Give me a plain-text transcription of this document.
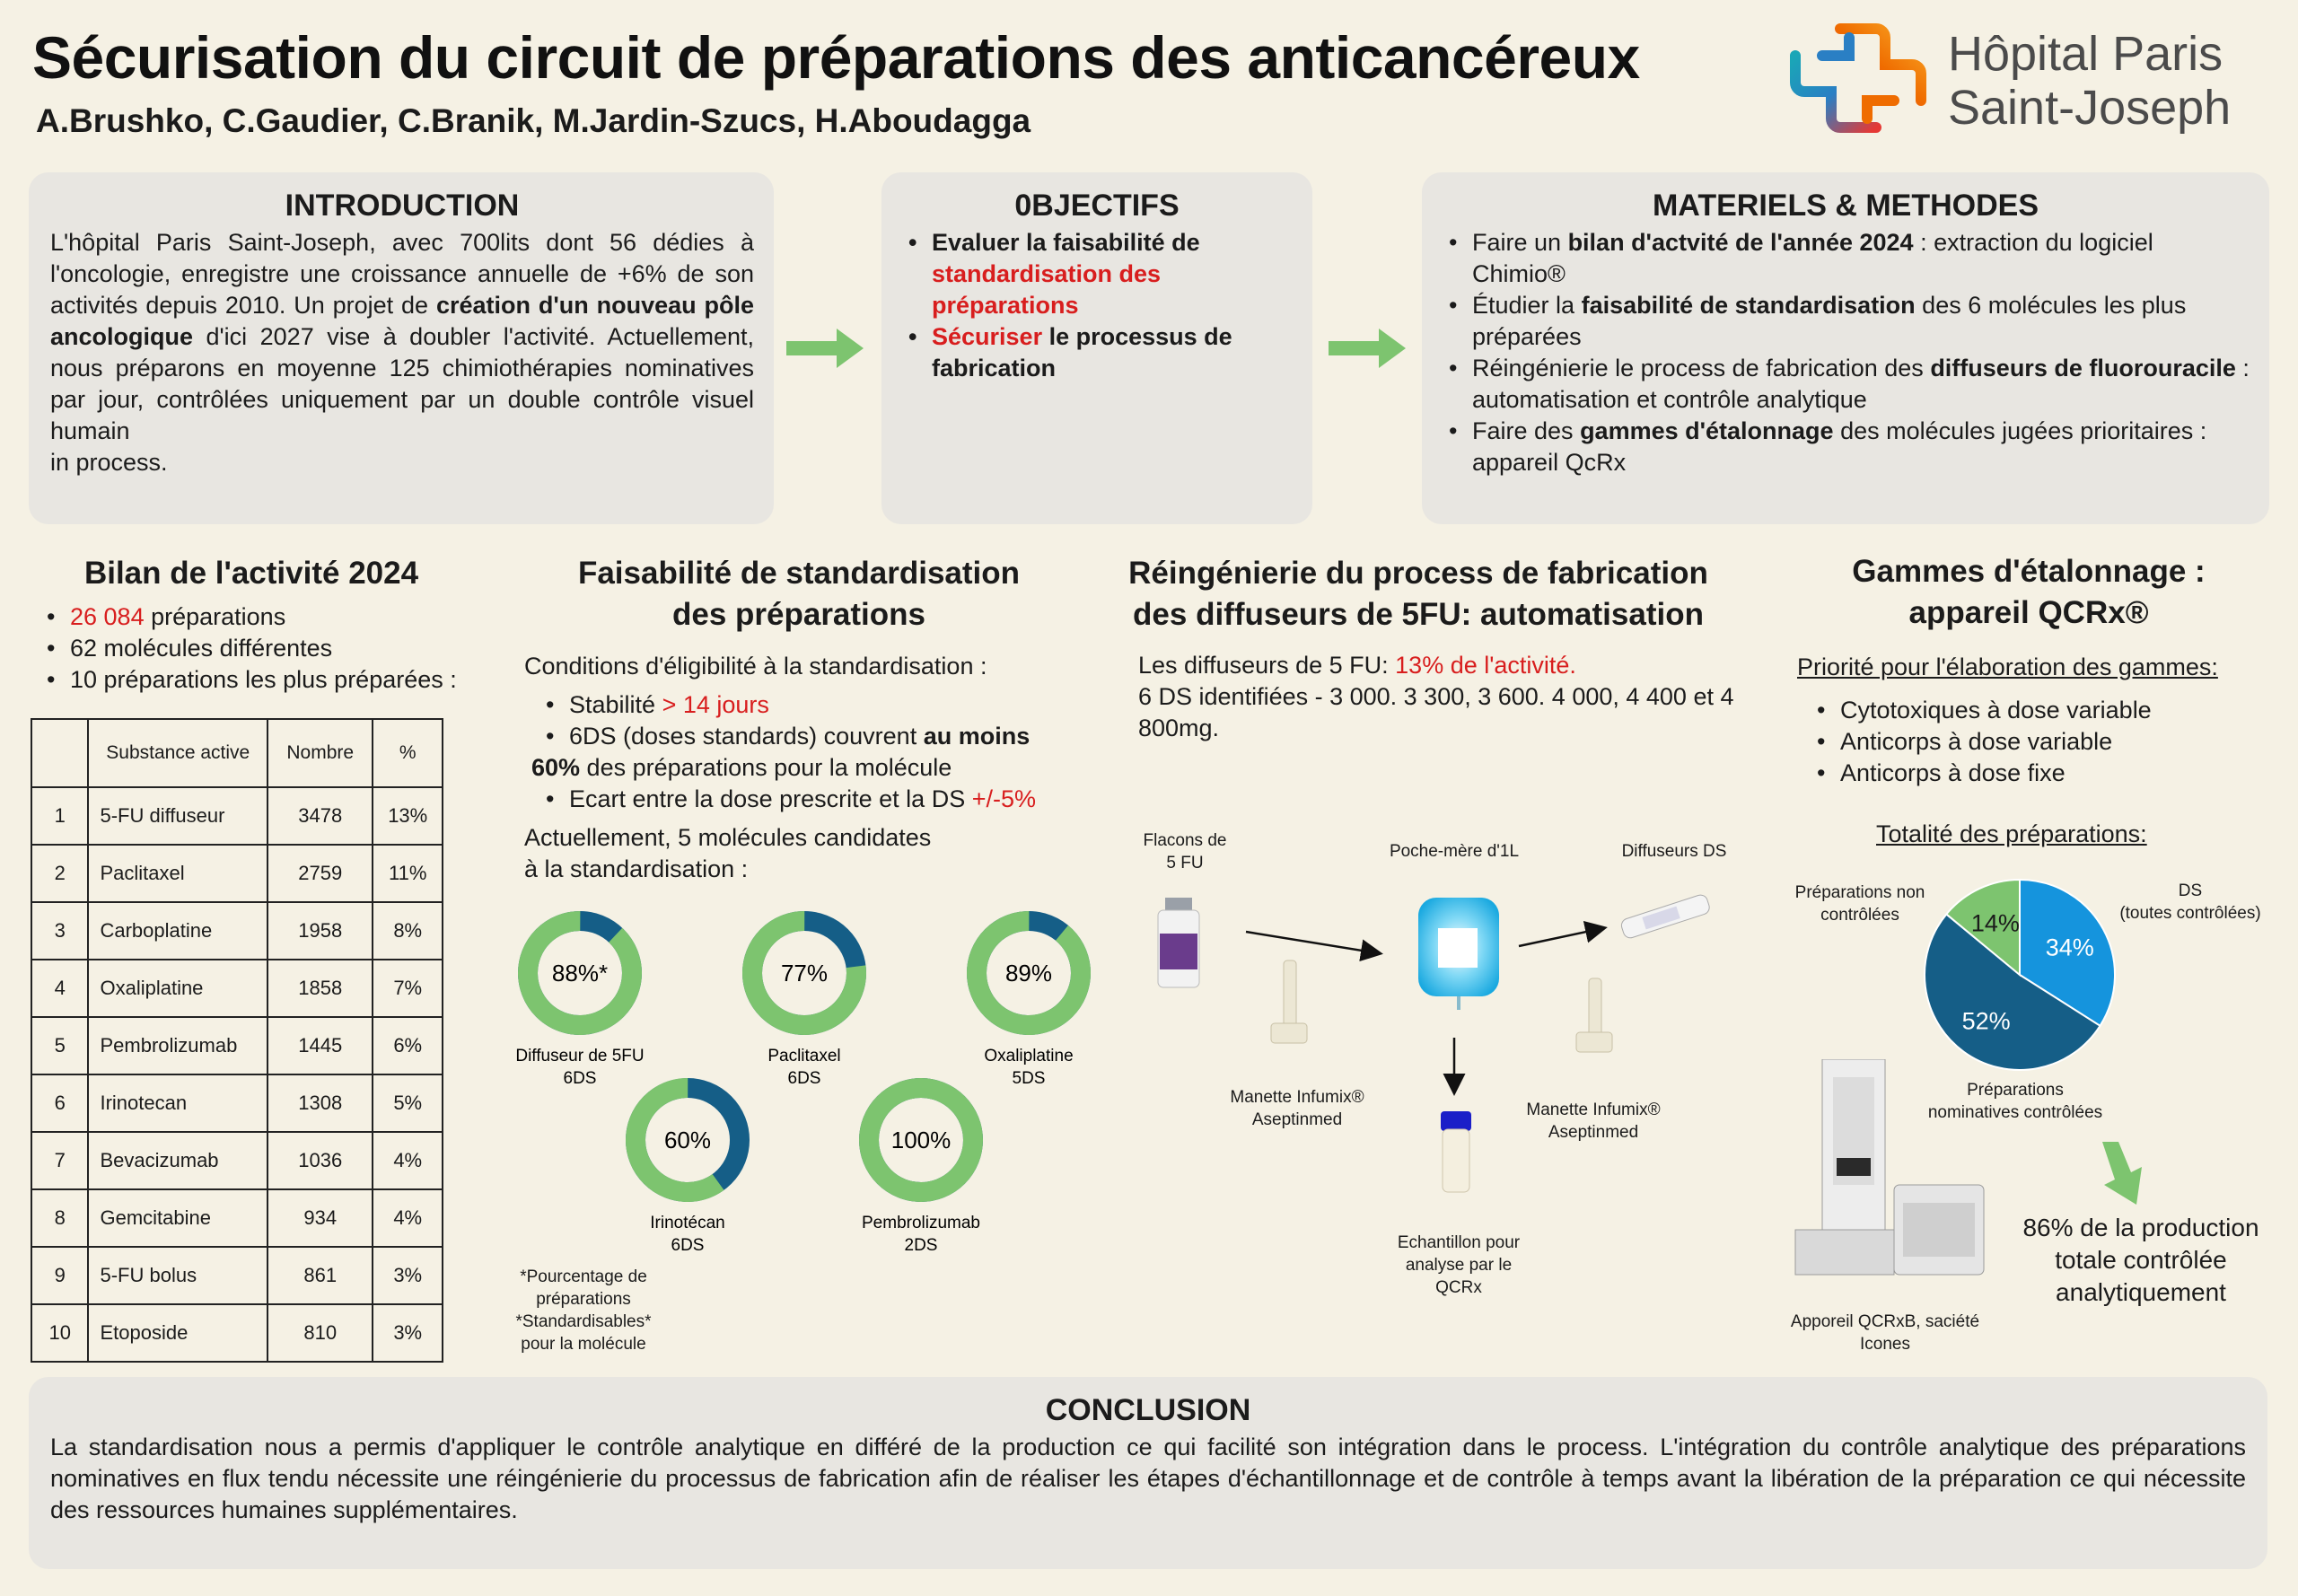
Sécurisation du circuit de préparations des anticancéreux
A.Brushko, C.Gaudier, C.Branik, M.Jardin-Szucs, H.Aboudagga
Hôpital Paris
Saint-Joseph
INTRODUCTION
L'hôpital Paris Saint-Joseph, avec 700lits dont 56 dédies à l'oncologie, enregistre une croissance annuelle de +6% de son activités depuis 2010. Un projet de création d'un nouveau pôle ancologique d'ici 2027 vise à doubler l'activité. Actuellement, nous préparons en moyenne 125 chimiothérapies nominatives par jour, contrôlées uniquement par un double contrôle visuel humain
in process.
0BJECTIFS
• Evaluer la faisabilité de standardisation des préparations
• Sécuriser le processus de fabrication
MATERIELS & METHODES
• Faire un bilan d'actvité de l'année 2024 : extraction du logiciel Chimio®
• Étudier la faisabilité de standardisation des 6 molécules les plus préparées
• Réingénierie le process de fabrication des diffuseurs de fluorouracile : automatisation et contrôle analytique
• Faire des gammes d'étalonnage des molécules jugées prioritaires : appareil QcRx
Bilan de l'activité 2024
• 26 084 préparations
• 62 molécules différentes
• 10 préparations les plus préparées :
	Substance active	Nombre	%
1	5-FU diffuseur	3478	13%
2	Paclitaxel	2759	11%
3	Carboplatine	1958	8%
4	Oxaliplatine	1858	7%
5	Pembrolizumab	1445	6%
6	Irinotecan	1308	5%
7	Bevacizumab	1036	4%
8	Gemcitabine	934	4%
9	5-FU bolus	861	3%
10	Etoposide	810	3%
Faisabilité de standardisation
des préparations
Conditions d'éligibilité à la standardisation :
• Stabilité > 14 jours
• 6DS (doses standards) couvrent au moins
60% des préparations pour la molécule
• Ecart entre la dose prescrite et la DS +/-5%
Actuellement, 5 molécules candidates
à la standardisation :
88%*
Diffuseur de 5FU
6DS
77%
Paclitaxel
6DS
89%
Oxaliplatine
5DS
60%
Irinotécan
6DS
100%
Pembrolizumab
2DS
*Pourcentage de préparations *Standardisables* pour la molécule
Réingénierie du process de fabrication
des diffuseurs de 5FU: automatisation
Les diffuseurs de 5 FU: 13% de l'activité.
6 DS identifiées - 3 000. 3 300, 3 600. 4 000, 4 400 et 4 800mg.
Flacons de 5 FU
Poche-mère d'1L	Diffuseurs DS
Manette Infumix® Aseptinmed
Manette Infumix® Aseptinmed
Echantillon pour analyse par le QCRx
Gammes d'étalonnage :
appareil QCRx®
Priorité pour l'élaboration des gammes:
• Cytotoxiques à dose variable
• Anticorps à dose variable
• Anticorps à dose fixe
Totalité des préparations:
34%
52%
14%
DS
(toutes contrôlées)
Préparations non
contrôlées
Préparations
nominatives contrôlées
86% de la production
totale contrôlée
analytiquement
Apporeil QCRxB, saciété
Icones
CONCLUSION
La standardisation nous a permis d'appliquer le contrôle analytique en différé de la production ce qui facilité son intégration dans le process. L'intégration du contrôle analytique des préparations nominatives en flux tendu nécessite une réingénierie du processus de fabrication afin de réaliser les étapes d'échantillonnage et de contrôle à temps avant la libération de la préparation ce qui nécessite des ressources humaines supplémentaires.
